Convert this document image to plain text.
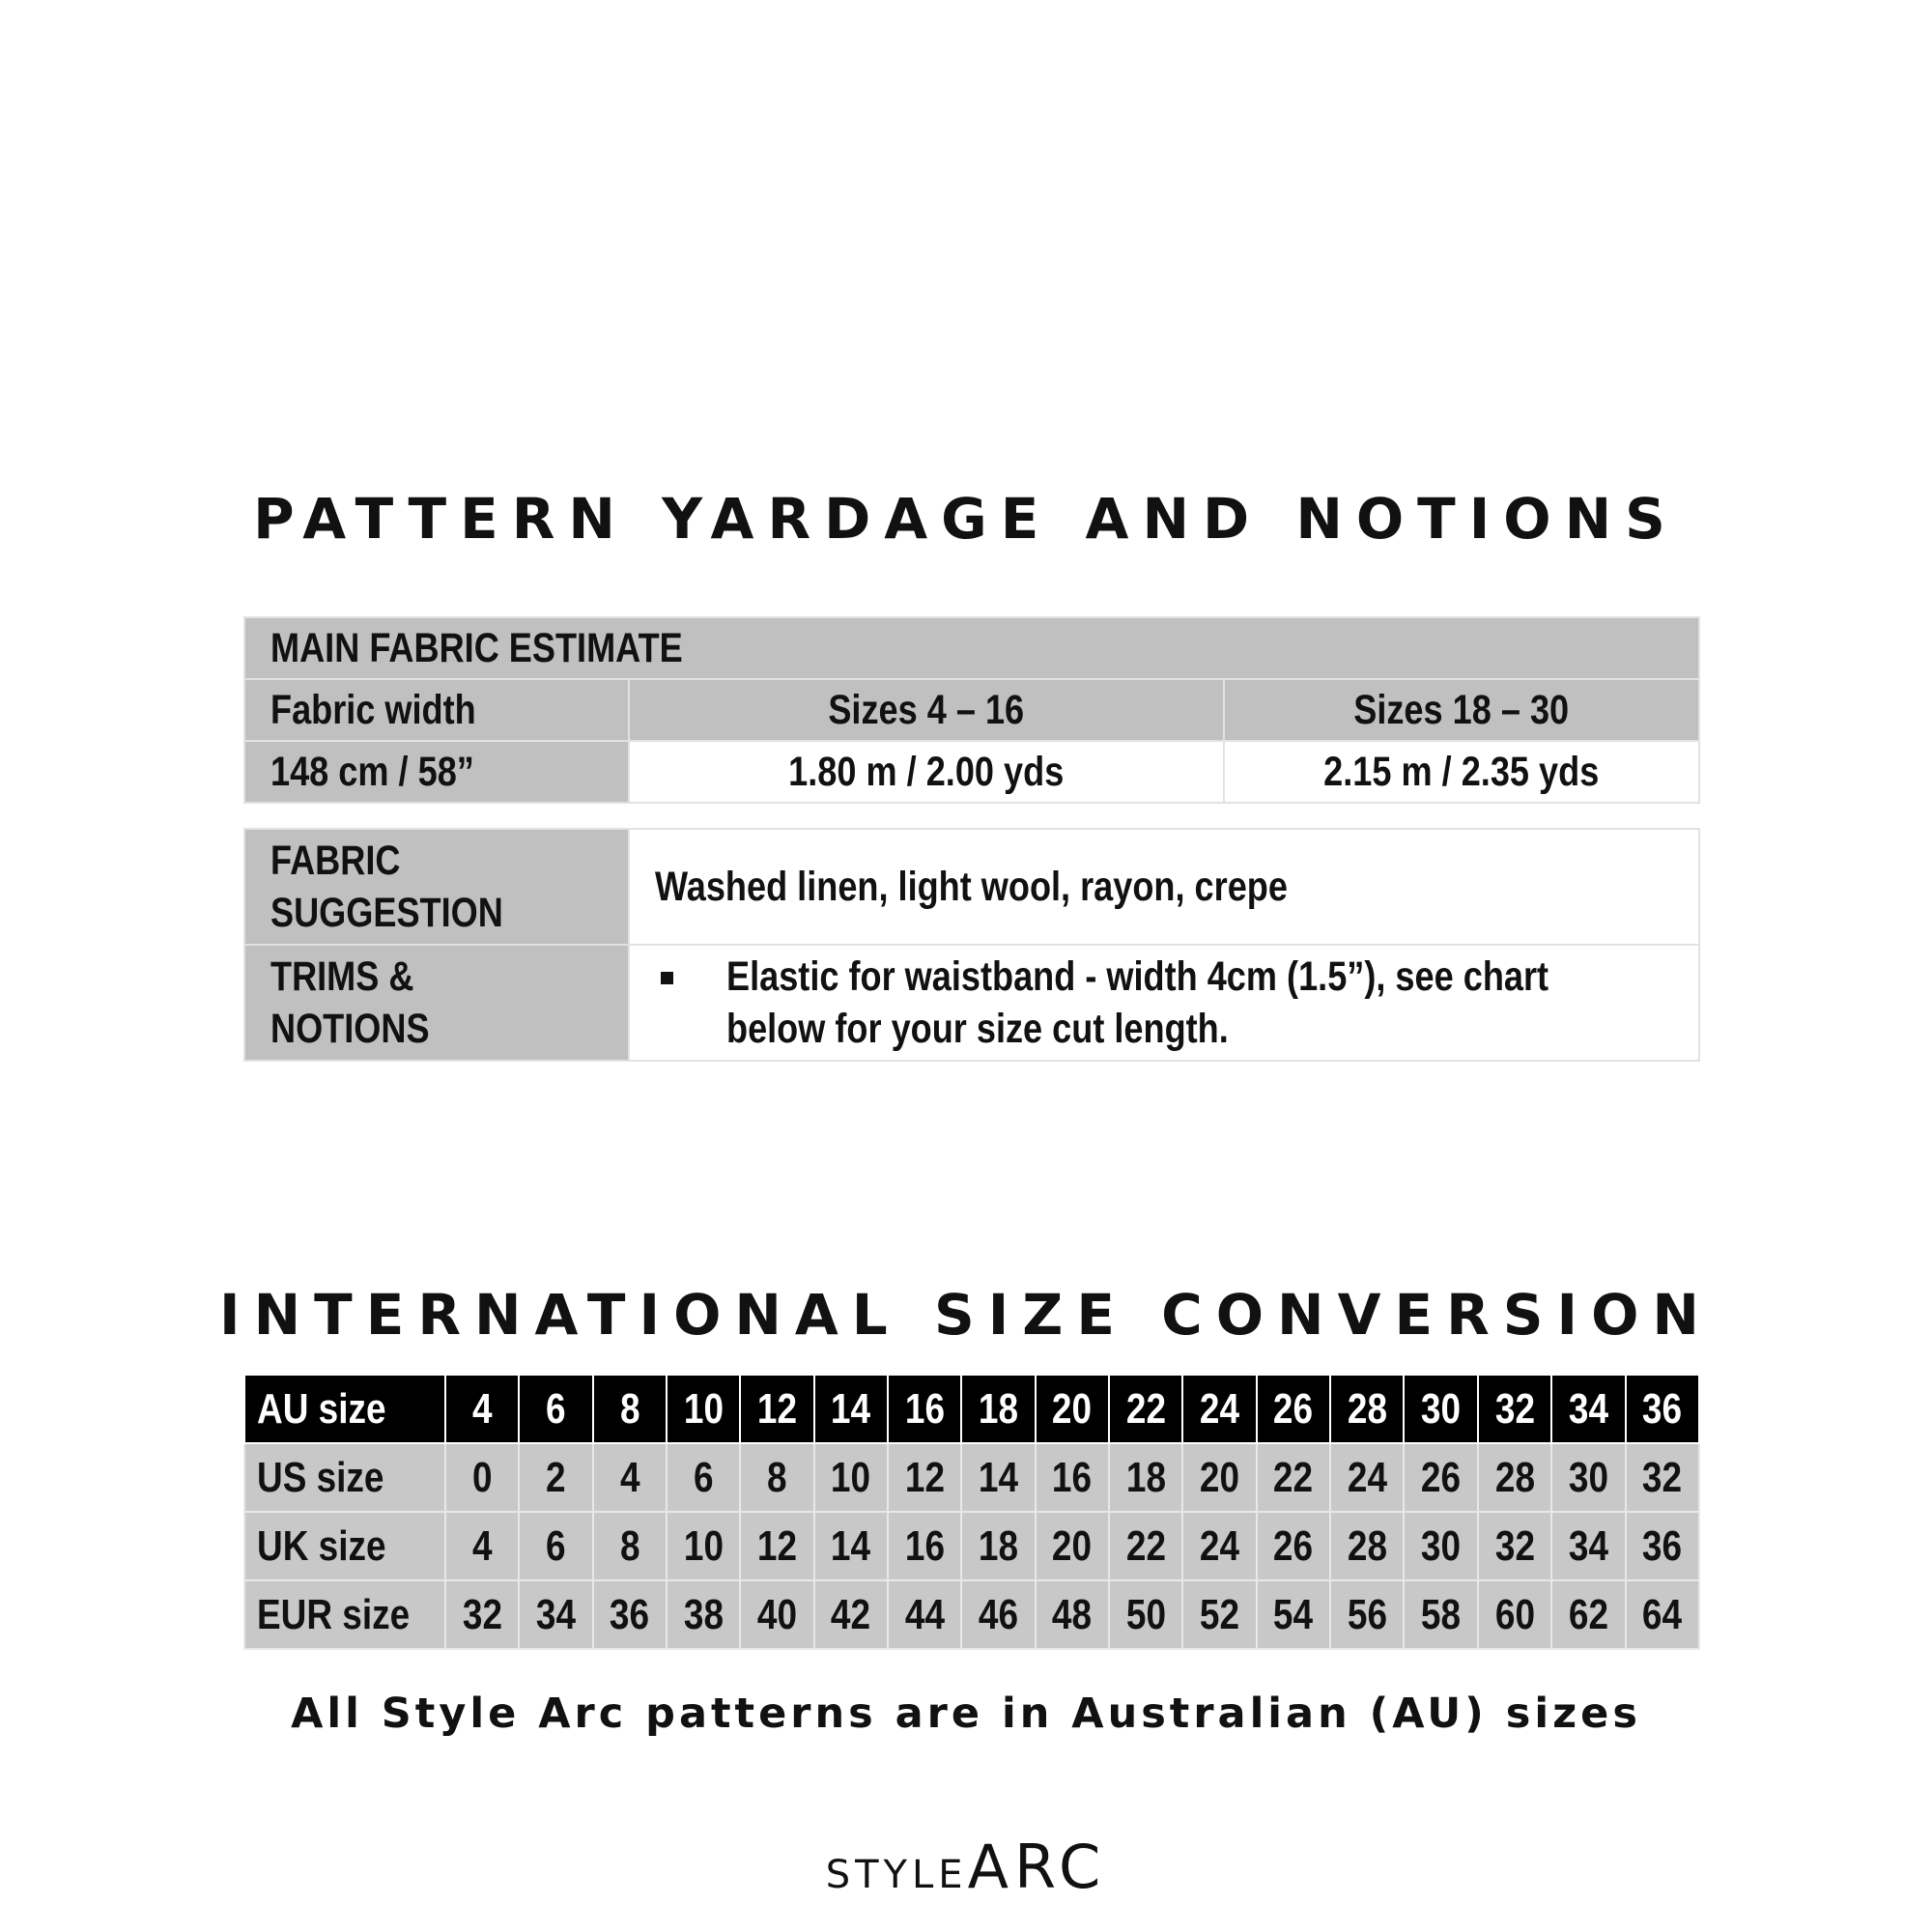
PATTERN YARDAGE AND NOTIONS
MAIN FABRIC ESTIMATE		
Fabric width	Sizes 4 – 16	Sizes 18 – 30
148 cm / 58”	1.80 m / 2.00 yds	2.15 m / 2.35 yds
FABRIC
SUGGESTION	Washed linen, light wool, rayon, crepe

TRIMS &
NOTIONS	Elastic for waistband - width 4cm (1.5”), see chart
below for your size cut length.
INTERNATIONAL SIZE CONVERSION
AU size	4	6	8	10	12	14	16	18	20	22	24	26	28	30	32	34	36
US size	0	2	4	6	8	10	12	14	16	18	20	22	24	26	28	30	32
UK size	4	6	8	10	12	14	16	18	20	22	24	26	28	30	32	34	36
EUR size	32	34	36	38	40	42	44	46	48	50	52	54	56	58	60	62	64
All Style Arc patterns are in Australian (AU) sizes
STYLEARC
